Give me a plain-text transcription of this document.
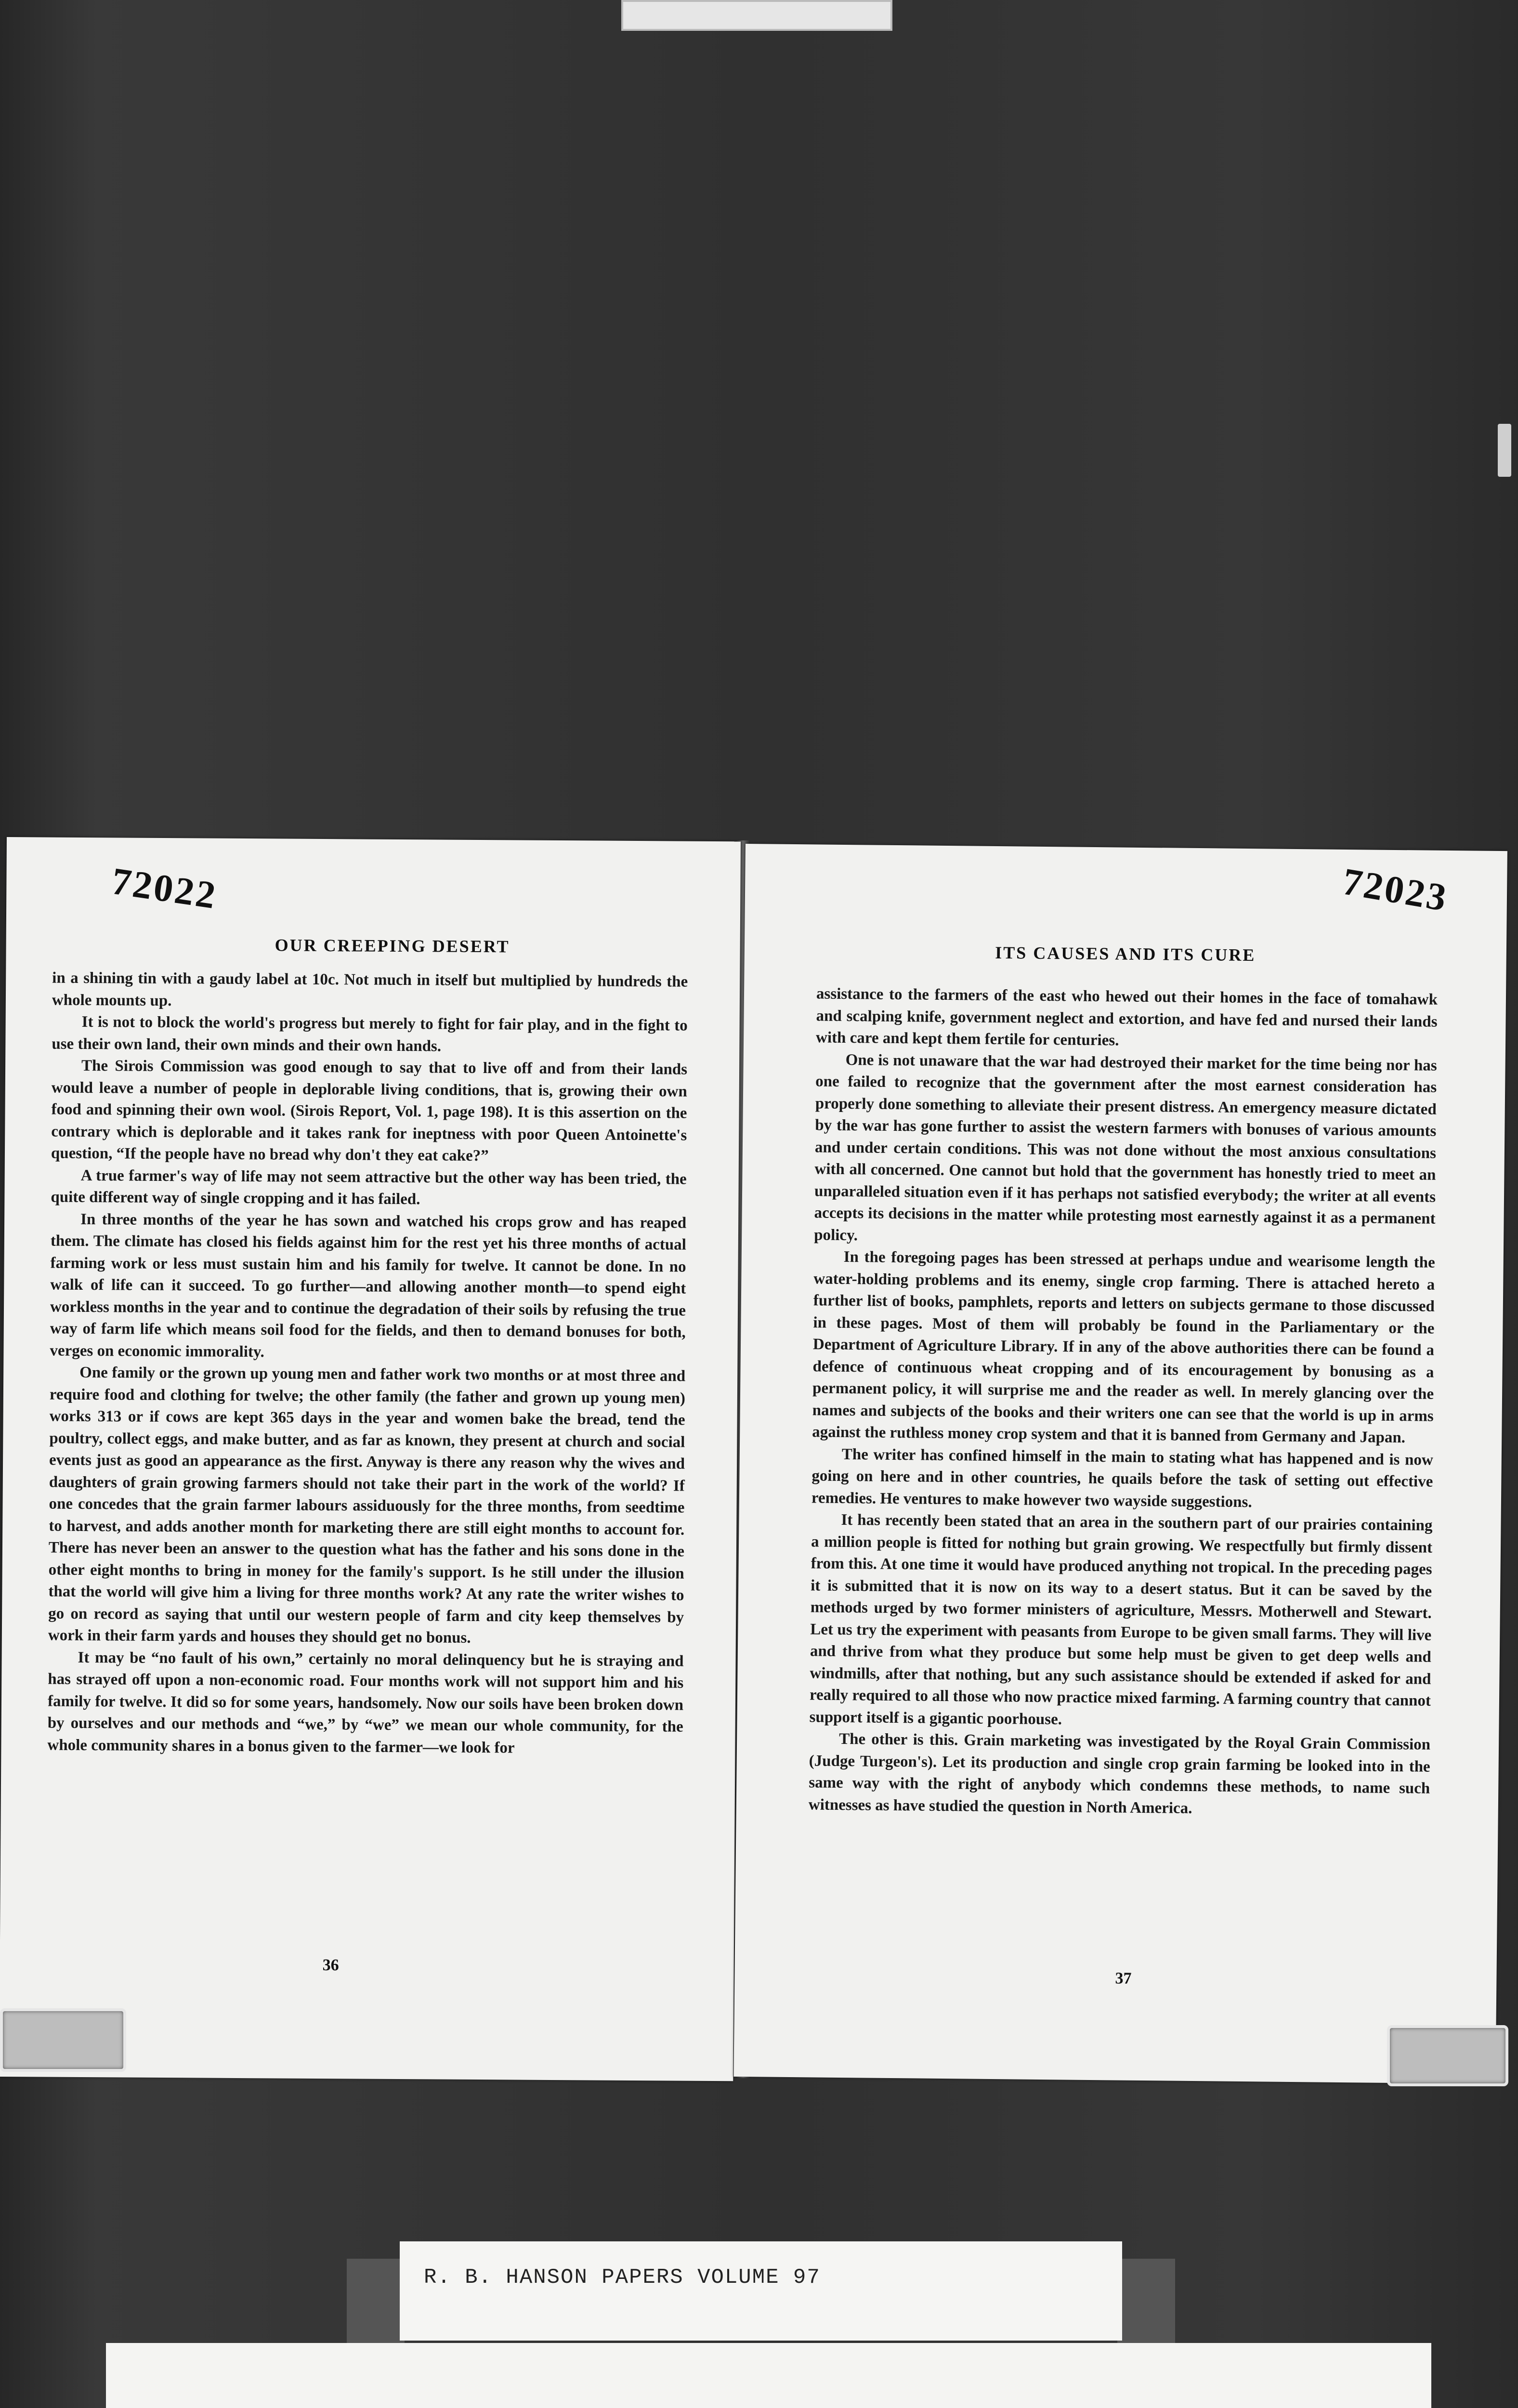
72022
OUR CREEPING DESERT

in a shining tin with a gaudy label at 10c. Not much in itself but multiplied by hundreds the whole mounts up.

It is not to block the world's progress but merely to fight for fair play, and in the fight to use their own land, their own minds and their own hands.

The Sirois Commission was good enough to say that to live off and from their lands would leave a number of people in deplorable living conditions, that is, growing their own food and spinning their own wool. (Sirois Report, Vol. 1, page 198). It is this assertion on the contrary which is deplorable and it takes rank for ineptness with poor Queen Antoinette's question, “If the people have no bread why don't they eat cake?”

A true farmer's way of life may not seem attractive but the other way has been tried, the quite different way of single cropping and it has failed.

In three months of the year he has sown and watched his crops grow and has reaped them. The climate has closed his fields against him for the rest yet his three months of actual farming work or less must sustain him and his family for twelve. It cannot be done. In no walk of life can it succeed. To go further—and allowing another month—to spend eight workless months in the year and to continue the degradation of their soils by refusing the true way of farm life which means soil food for the fields, and then to demand bonuses for both, verges on economic immorality.

One family or the grown up young men and father work two months or at most three and require food and clothing for twelve; the other family (the father and grown up young men) works 313 or if cows are kept 365 days in the year and women bake the bread, tend the poultry, collect eggs, and make butter, and as far as known, they present at church and social events just as good an appearance as the first. Anyway is there any reason why the wives and daughters of grain growing farmers should not take their part in the work of the world? If one concedes that the grain farmer labours assiduously for the three months, from seedtime to harvest, and adds another month for marketing there are still eight months to account for. There has never been an answer to the question what has the father and his sons done in the other eight months to bring in money for the family's support. Is he still under the illusion that the world will give him a living for three months work? At any rate the writer wishes to go on record as saying that until our western people of farm and city keep themselves by work in their farm yards and houses they should get no bonus.

It may be “no fault of his own,” certainly no moral delinquency but he is straying and has strayed off upon a non-economic road. Four months work will not support him and his family for twelve. It did so for some years, handsomely. Now our soils have been broken down by ourselves and our methods and “we,” by “we” we mean our whole community, for the whole community shares in a bonus given to the farmer—we look for

36
72023
ITS CAUSES AND ITS CURE

assistance to the farmers of the east who hewed out their homes in the face of tomahawk and scalping knife, government neglect and extortion, and have fed and nursed their lands with care and kept them fertile for centuries.

One is not unaware that the war had destroyed their market for the time being nor has one failed to recognize that the government after the most earnest consideration has properly done something to alleviate their present distress. An emergency measure dictated by the war has gone further to assist the western farmers with bonuses of various amounts and under certain conditions. This was not done without the most anxious consultations with all concerned. One cannot but hold that the government has honestly tried to meet an unparalleled situation even if it has perhaps not satisfied everybody; the writer at all events accepts its decisions in the matter while protesting most earnestly against it as a permanent policy.

In the foregoing pages has been stressed at perhaps undue and wearisome length the water-holding problems and its enemy, single crop farming. There is attached hereto a further list of books, pamphlets, reports and letters on subjects germane to those discussed in these pages. Most of them will probably be found in the Parliamentary or the Department of Agriculture Library. If in any of the above authorities there can be found a defence of continuous wheat cropping and of its encouragement by bonusing as a permanent policy, it will surprise me and the reader as well. In merely glancing over the names and subjects of the books and their writers one can see that the world is up in arms against the ruthless money crop system and that it is banned from Germany and Japan.

The writer has confined himself in the main to stating what has happened and is now going on here and in other countries, he quails before the task of setting out effective remedies. He ventures to make however two wayside suggestions.

It has recently been stated that an area in the southern part of our prairies containing a million people is fitted for nothing but grain growing. We respectfully but firmly dissent from this. At one time it would have produced anything not tropical. In the preceding pages it is submitted that it is now on its way to a desert status. But it can be saved by the methods urged by two former ministers of agriculture, Messrs. Motherwell and Stewart. Let us try the experiment with peasants from Europe to be given small farms. They will live and thrive from what they produce but some help must be given to get deep wells and windmills, after that nothing, but any such assistance should be extended if asked for and really required to all those who now practice mixed farming. A farming country that cannot support itself is a gigantic poorhouse.

The other is this. Grain marketing was investigated by the Royal Grain Commission (Judge Turgeon's). Let its production and single crop grain farming be looked into in the same way with the right of anybody which condemns these methods, to name such witnesses as have studied the question in North America.

37
R. B. HANSON PAPERS VOLUME 97
